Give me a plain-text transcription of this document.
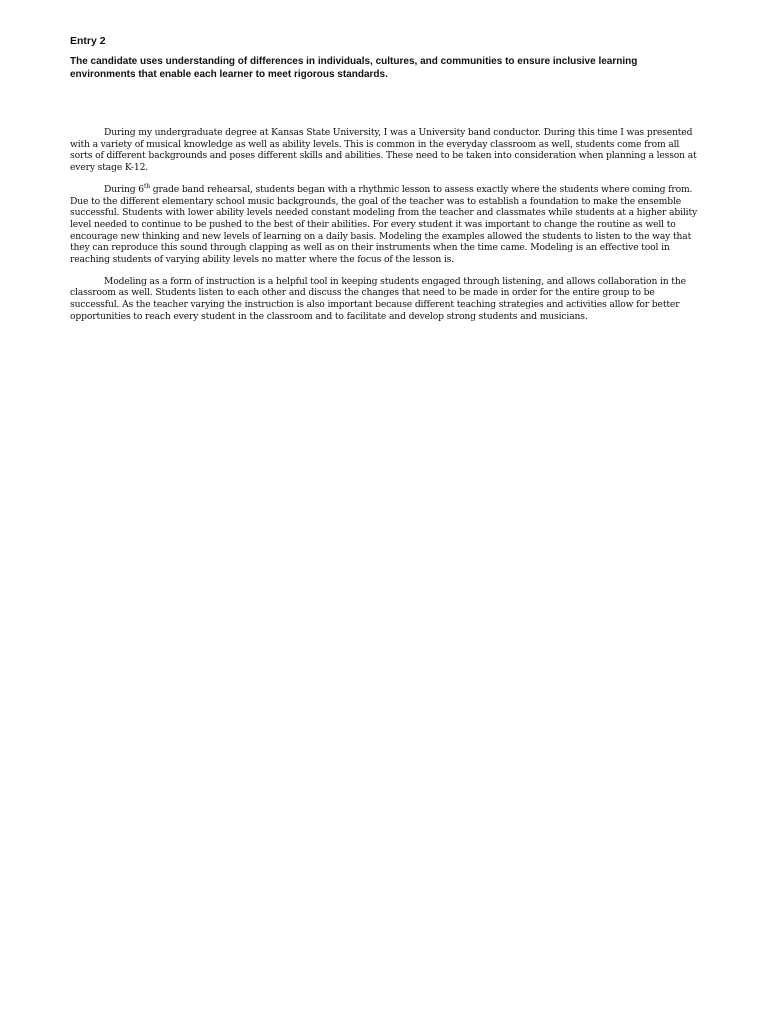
Entry 2

The candidate uses understanding of differences in individuals, cultures, and communities to ensure inclusive learning environments that enable each learner to meet rigorous standards.

During my undergraduate degree at Kansas State University, I was a University band conductor. During this time I was presented with a variety of musical knowledge as well as ability levels. This is common in the everyday classroom as well, students come from all sorts of different backgrounds and poses different skills and abilities. These need to be taken into consideration when planning a lesson at every stage K-12.

During 6th grade band rehearsal, students began with a rhythmic lesson to assess exactly where the students where coming from. Due to the different elementary school music backgrounds, the goal of the teacher was to establish a foundation to make the ensemble successful. Students with lower ability levels needed constant modeling from the teacher and classmates while students at a higher ability level needed to continue to be pushed to the best of their abilities. For every student it was important to change the routine as well to encourage new thinking and new levels of learning on a daily basis. Modeling the examples allowed the students to listen to the way that they can reproduce this sound through clapping as well as on their instruments when the time came. Modeling is an effective tool in reaching students of varying ability levels no matter where the focus of the lesson is.

Modeling as a form of instruction is a helpful tool in keeping students engaged through listening, and allows collaboration in the classroom as well. Students listen to each other and discuss the changes that need to be made in order for the entire group to be successful. As the teacher varying the instruction is also important because different teaching strategies and activities allow for better opportunities to reach every student in the classroom and to facilitate and develop strong students and musicians.
